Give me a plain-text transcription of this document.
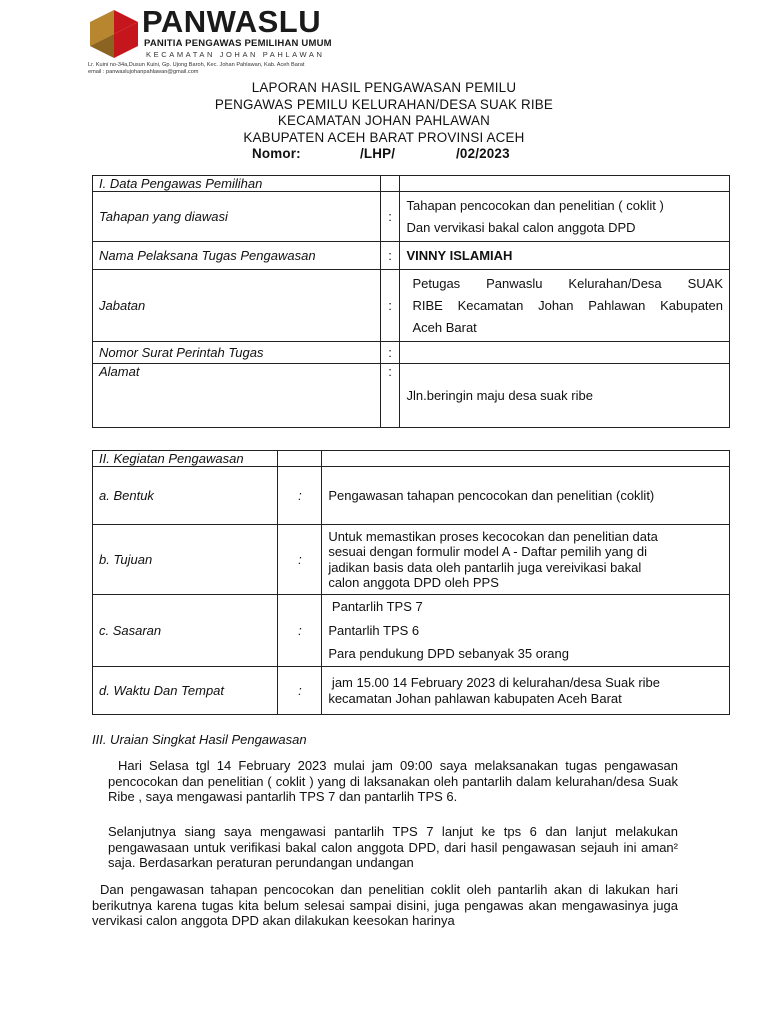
PANWASLU
PANITIA PENGAWAS PEMILIHAN UMUM
KECAMATAN JOHAN PAHLAWAN
Lr. Kuini no-34a,Dusun Kuini, Gp. Ujong Baroh, Kec. Johan Pahlawan, Kab. Aceh Barat
email : panwaslujohanpahlawan@gmail.com
LAPORAN HASIL PENGAWASAN PEMILU
PENGAWAS PEMILU KELURAHAN/DESA SUAK RIBE
KECAMATAN JOHAN PAHLAWAN
KABUPATEN ACEH BARAT PROVINSI ACEH
Nomor:	/LHP/	/02/2023
I. Data Pengawas Pemilihan		
Tahapan yang diawasi	:	Tahapan pencocokan dan penelitian ( coklit )
Dan vervikasi bakal calon anggota DPD

Nama Pelaksana Tugas Pengawasan	:	VINNY ISLAMIAH
Jabatan	:	Petugas Panwaslu Kelurahan/Desa SUAK
RIBE Kecamatan Johan Pahlawan Kabupaten
Aceh Barat

Nomor Surat Perintah Tugas	:	
Alamat	:	Jln.beringin maju desa suak ribe
II. Kegiatan Pengawasan		
a. Bentuk	:	Pengawasan tahapan pencocokan dan penelitian (coklit)
b. Tujuan	:	Untuk memastikan proses kecocokan dan penelitian data
sesuai dengan formulir model A - Daftar pemilih yang di
jadikan basis data oleh pantarlih juga vereivikasi bakal
calon anggota DPD oleh PPS

c. Sasaran	:	Pantarlih TPS 7
Pantarlih TPS 6
Para pendukung DPD sebanyak 35 orang

d. Waktu Dan Tempat	:	jam 15.00 14 February 2023 di kelurahan/desa Suak ribe
kecamatan Johan pahlawan kabupaten Aceh Barat
III. Uraian Singkat Hasil Pengawasan
Hari Selasa tgl 14 February 2023 mulai jam 09:00 saya melaksanakan tugas pengawasan pencocokan dan penelitian ( coklit ) yang di laksanakan oleh pantarlih dalam kelurahan/desa Suak Ribe , saya mengawasi pantarlih TPS 7 dan pantarlih TPS 6.
Selanjutnya siang saya mengawasi pantarlih TPS 7 lanjut ke tps 6 dan lanjut melakukan pengawasaan untuk verifikasi bakal calon anggota DPD, dari hasil pengawasan sejauh ini aman² saja. Berdasarkan peraturan perundangan undangan
Dan pengawasan tahapan pencocokan dan penelitian coklit oleh pantarlih akan di lakukan hari berikutnya karena tugas kita belum selesai sampai disini, juga pengawas akan mengawasinya juga vervikasi calon anggota DPD akan dilakukan keesokan harinya
